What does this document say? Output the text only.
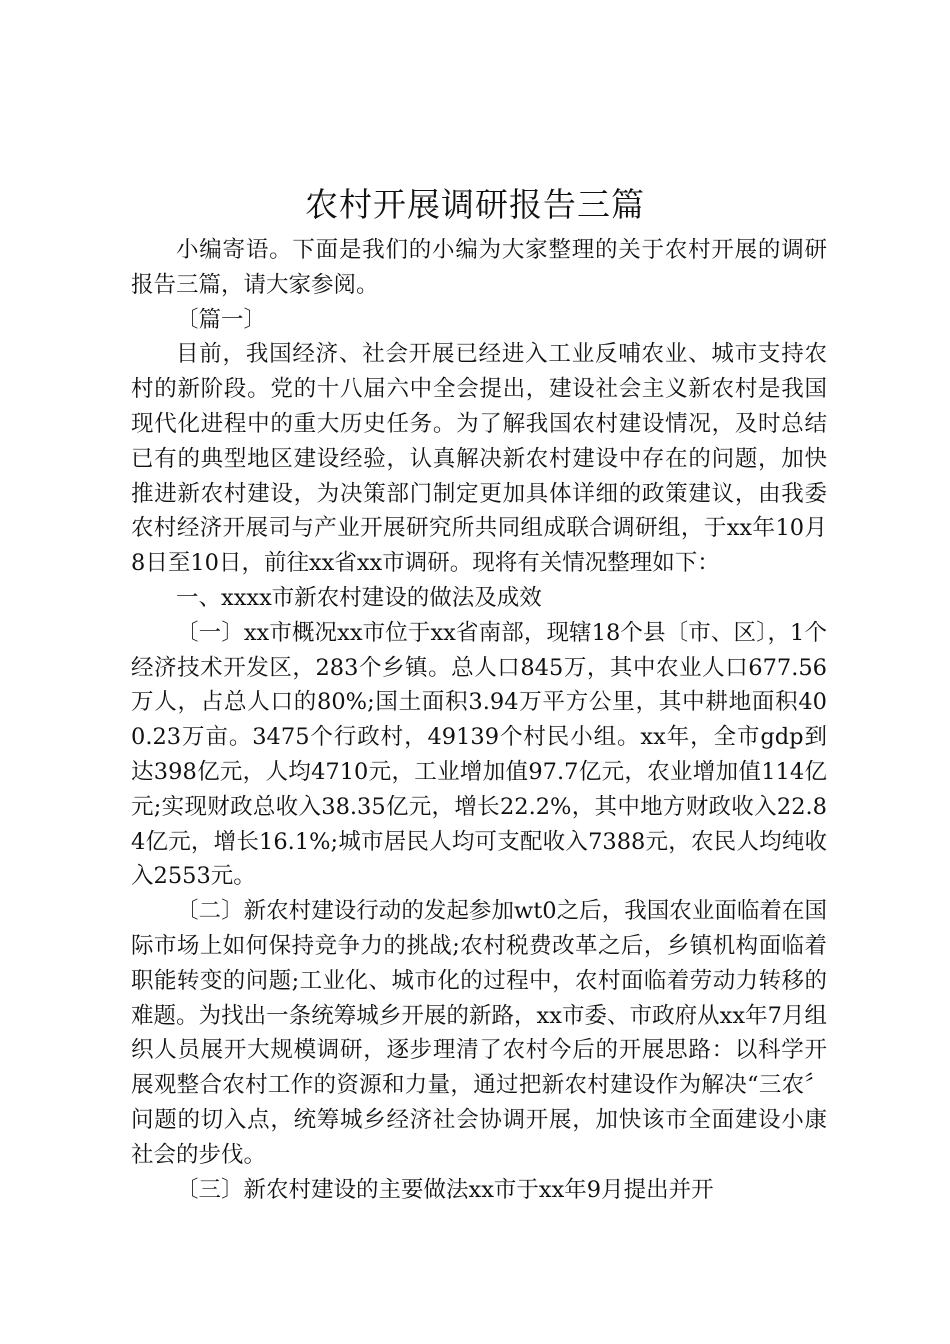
农村开展调研报告三篇

小编寄语。下面是我们的小编为大家整理的关于农村开展的调研报告三篇，请大家参阅。

〔篇一〕

目前，我国经济、社会开展已经进入工业反哺农业、城市支持农村的新阶段。党的十八届六中全会提出，建设社会主义新农村是我国现代化进程中的重大历史任务。为了解我国农村建设情况，及时总结已有的典型地区建设经验，认真解决新农村建设中存在的问题，加快推进新农村建设，为决策部门制定更加具体详细的政策建议，由我委农村经济开展司与产业开展研究所共同组成联合调研组，于xx年10月8日至10日，前往xx省xx市调研。现将有关情况整理如下：

一、xxxx市新农村建设的做法及成效

〔一〕xx市概况xx市位于xx省南部，现辖18个县〔市、区〕，1个经济技术开发区，283个乡镇。总人口845万，其中农业人口677.56万人，占总人口的80%;国土面积3.94万平方公里，其中耕地面积400.23万亩。3475个行政村，49139个村民小组。xx年，全市gdp到达398亿元，人均4710元，工业增加值97.7亿元，农业增加值114亿元;实现财政总收入38.35亿元，增长22.2%，其中地方财政收入22.84亿元，增长16.1%;城市居民人均可支配收入7388元，农民人均纯收入2553元。

〔二〕新农村建设行动的发起参加wt0之后，我国农业面临着在国际市场上如何保持竞争力的挑战;农村税费改革之后，乡镇机构面临着职能转变的问题;工业化、城市化的过程中，农村面临着劳动力转移的难题。为找出一条统筹城乡开展的新路，xx市委、市政府从xx年7月组织人员展开大规模调研，逐步理清了农村今后的开展思路：以科学开展观整合农村工作的资源和力量，通过把新农村建设作为解决“三农〞问题的切入点，统筹城乡经济社会协调开展，加快该市全面建设小康社会的步伐。

〔三〕新农村建设的主要做法xx市于xx年9月提出并开
